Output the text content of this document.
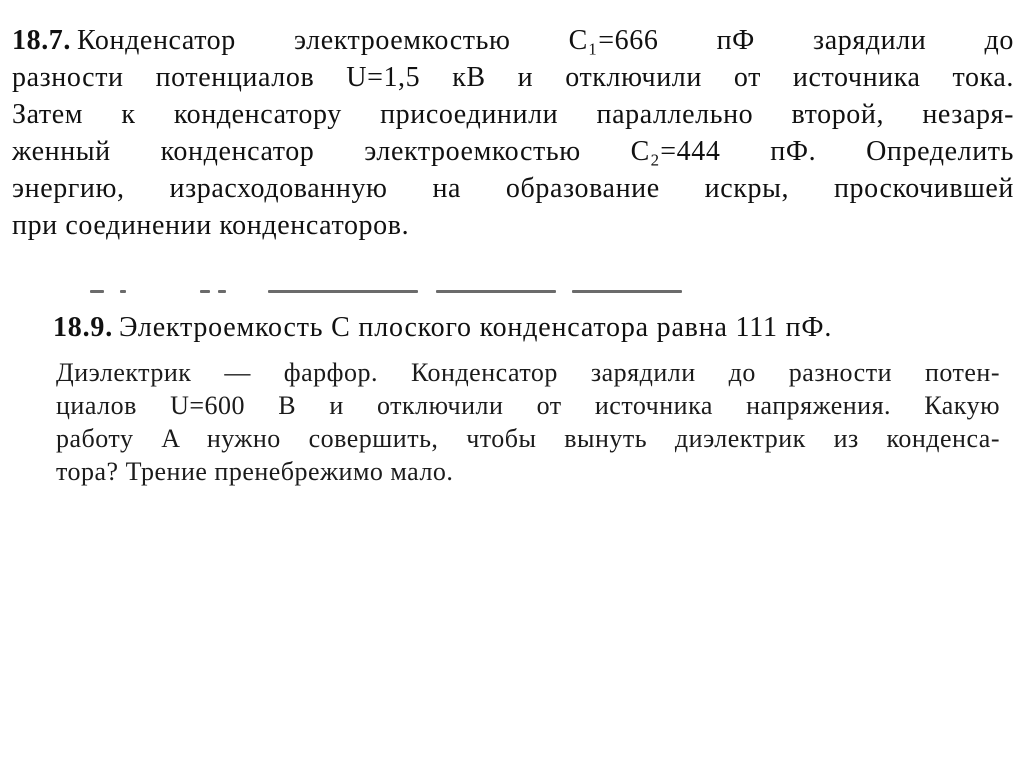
18.7. Конденсатор электроемкостью C₁=666 пФ зарядили до
разности потенциалов U=1,5 кВ и отключили от источника тока.
Затем к конденсатору присоединили параллельно второй, незаря-
женный конденсатор электроемкостью C₂=444 пФ. Определить
энергию, израсходованную на образование искры, проскочившей
при соединении конденсаторов.
18.9. Электроемкость C плоского конденсатора равна 111 пФ.
Диэлектрик — фарфор. Конденсатор зарядили до разности потен-
циалов U=600 В и отключили от источника напряжения. Какую
работу A нужно совершить, чтобы вынуть диэлектрик из конденса-
тора? Трение пренебрежимо мало.
